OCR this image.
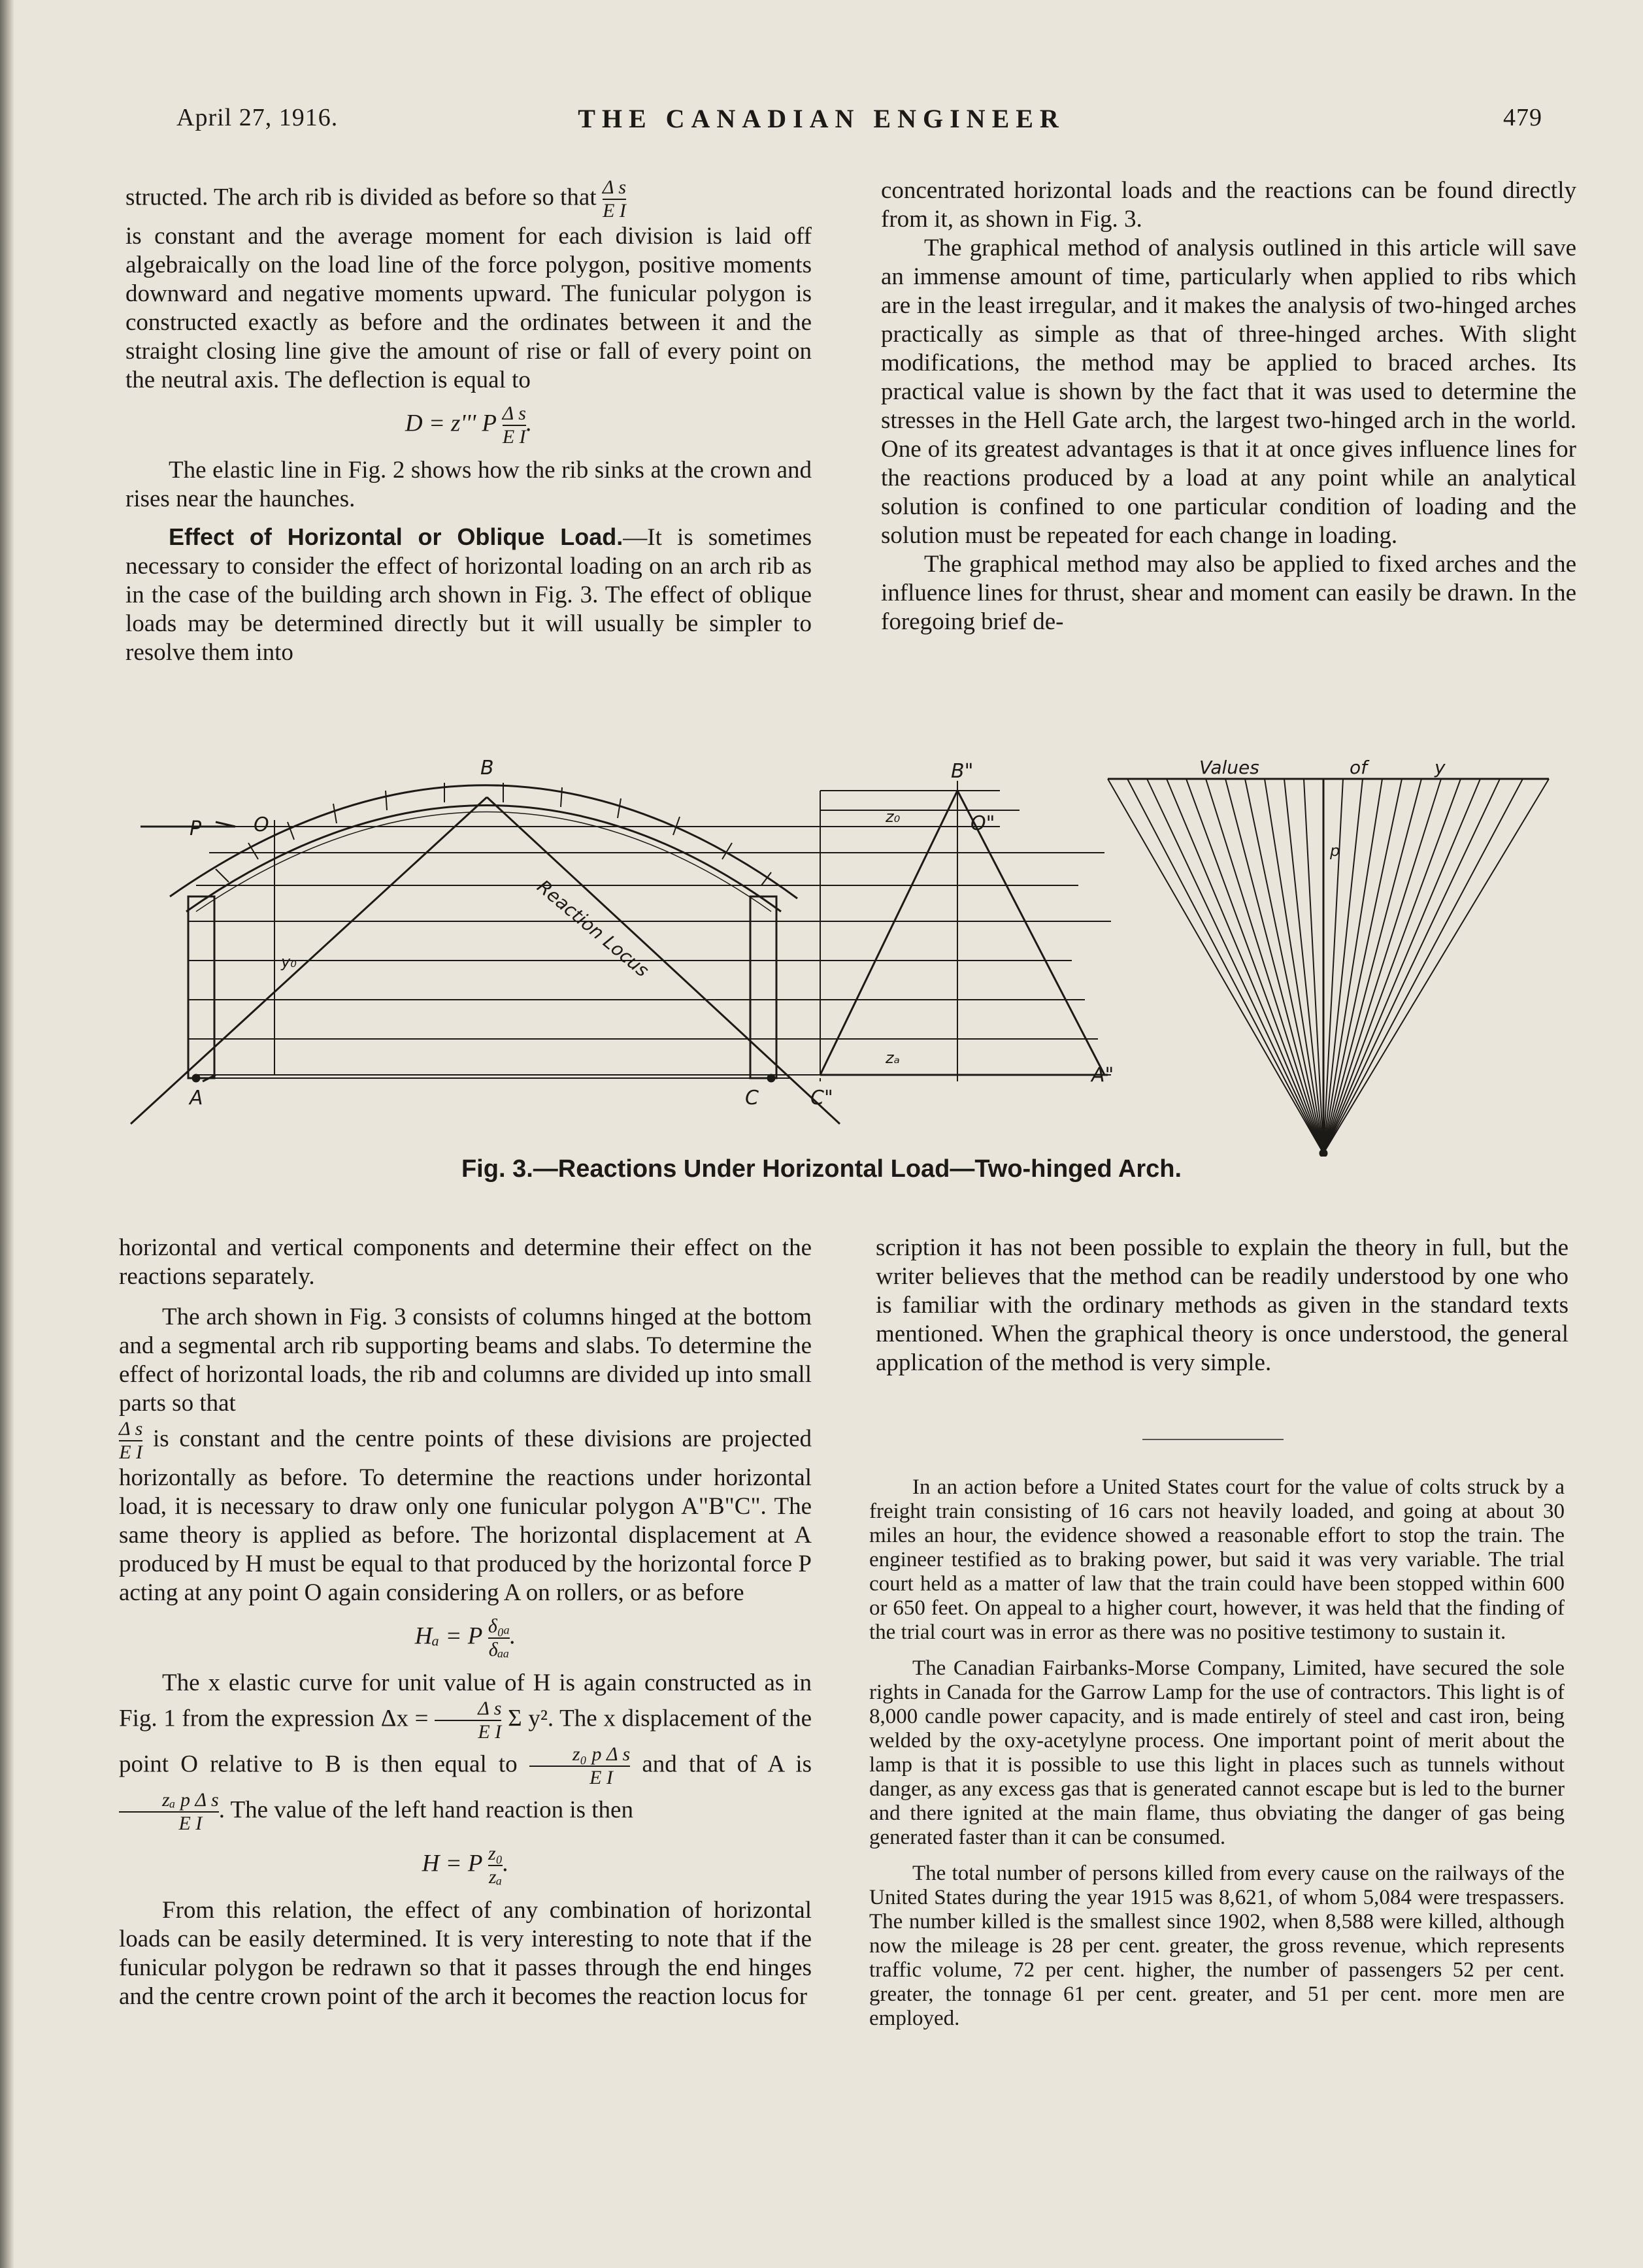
April 27, 1916.	THE CANADIAN ENGINEER	479

structed. The arch rib is divided as before so that $\frac{\text{Δ s}}{\text{E I}}$

is constant and the average moment for each division is laid off algebraically on the load line of the force polygon, positive moments downward and negative moments upward. The funicular polygon is constructed exactly as before and the ordinates between it and the straight closing line give the amount of rise or fall of every point on the neutral axis. The deflection is equal to

D = z''' P $\frac{\text{Δ s}}{\text{E I}}$ .

The elastic line in Fig. 2 shows how the rib sinks at the crown and rises near the haunches.

Effect of Horizontal or Oblique Load.—It is sometimes necessary to consider the effect of horizontal loading on an arch rib as in the case of the building arch shown in Fig. 3. The effect of oblique loads may be determined directly but it will usually be simpler to resolve them into

concentrated horizontal loads and the reactions can be found directly from it, as shown in Fig. 3.

The graphical method of analysis outlined in this article will save an immense amount of time, particularly when applied to ribs which are in the least irregular, and it makes the analysis of two-hinged arches practically as simple as that of three-hinged arches. With slight modifications, the method may be applied to braced arches. Its practical value is shown by the fact that it was used to determine the stresses in the Hell Gate arch, the largest two-hinged arch in the world. One of its greatest advantages is that it at once gives influence lines for the reactions produced by a load at any point while an analytical solution is confined to one particular condition of loading and the solution must be repeated for each change in loading.

The graphical method may also be applied to fixed arches and the influence lines for thrust, shear and moment can easily be drawn. In the foregoing brief de-

B
P	O
A	C
B"
O"
C"
A"
y₀
z₀
zₐ
Reaction Locus
Values	of	y
p
Fig. 3.—Reactions Under Horizontal Load—Two-hinged Arch.

horizontal and vertical components and determine their effect on the reactions separately.

The arch shown in Fig. 3 consists of columns hinged at the bottom and a segmental arch rib supporting beams and slabs. To determine the effect of horizontal loads, the rib and columns are divided up into small parts so that

$\frac{\text{Δ s}}{\text{E I}}$ is constant and the centre points of these divisions are projected horizontally as before. To determine the reactions under horizontal load, it is necessary to draw only one funicular polygon A"B"C". The same theory is applied as before. The horizontal displacement at A produced by H must be equal to that produced by the horizontal force P acting at any point O again considering A on rollers, or as before

Hₐ = P $\frac{\text{δ₀ₐ}}{\text{δₐₐ}}$ .

The x elastic curve for unit value of H is again constructed as in Fig. 1 from the expression $\Delta x = \frac{\text{Δ s}}{\text{E I}}$ Σ y². The x displacement of the point O relative to B is then equal to $\frac{\text{z₀ p Δ s}}{\text{E I}}$ and that of A is
$\frac{\text{zₐ p Δ s}}{\text{E I}}$ . The value of the left hand reaction is then

H = P $\frac{\text{z₀}}{\text{zₐ}}$ .

From this relation, the effect of any combination of horizontal loads can be easily determined. It is very interesting to note that if the funicular polygon be redrawn so that it passes through the end hinges and the centre crown point of the arch it becomes the reaction locus for

scription it has not been possible to explain the theory in full, but the writer believes that the method can be readily understood by one who is familiar with the ordinary methods as given in the standard texts mentioned. When the graphical theory is once understood, the general application of the method is very simple.

In an action before a United States court for the value of colts struck by a freight train consisting of 16 cars not heavily loaded, and going at about 30 miles an hour, the evidence showed a reasonable effort to stop the train. The engineer testified as to braking power, but said it was very variable. The trial court held as a matter of law that the train could have been stopped within 600 or 650 feet. On appeal to a higher court, however, it was held that the finding of the trial court was in error as there was no positive testimony to sustain it.

The Canadian Fairbanks-Morse Company, Limited, have secured the sole rights in Canada for the Garrow Lamp for the use of contractors. This light is of 8,000 candle power capacity, and is made entirely of steel and cast iron, being welded by the oxy-acetylyne process. One important point of merit about the lamp is that it is possible to use this light in places such as tunnels without danger, as any excess gas that is generated cannot escape but is led to the burner and there ignited at the main flame, thus obviating the danger of gas being generated faster than it can be consumed.

The total number of persons killed from every cause on the railways of the United States during the year 1915 was 8,621, of whom 5,084 were trespassers. The number killed is the smallest since 1902, when 8,588 were killed, although now the mileage is 28 per cent. greater, the gross revenue, which represents traffic volume, 72 per cent. higher, the number of passengers 52 per cent. greater, the tonnage 61 per cent. greater, and 51 per cent. more men are employed.
